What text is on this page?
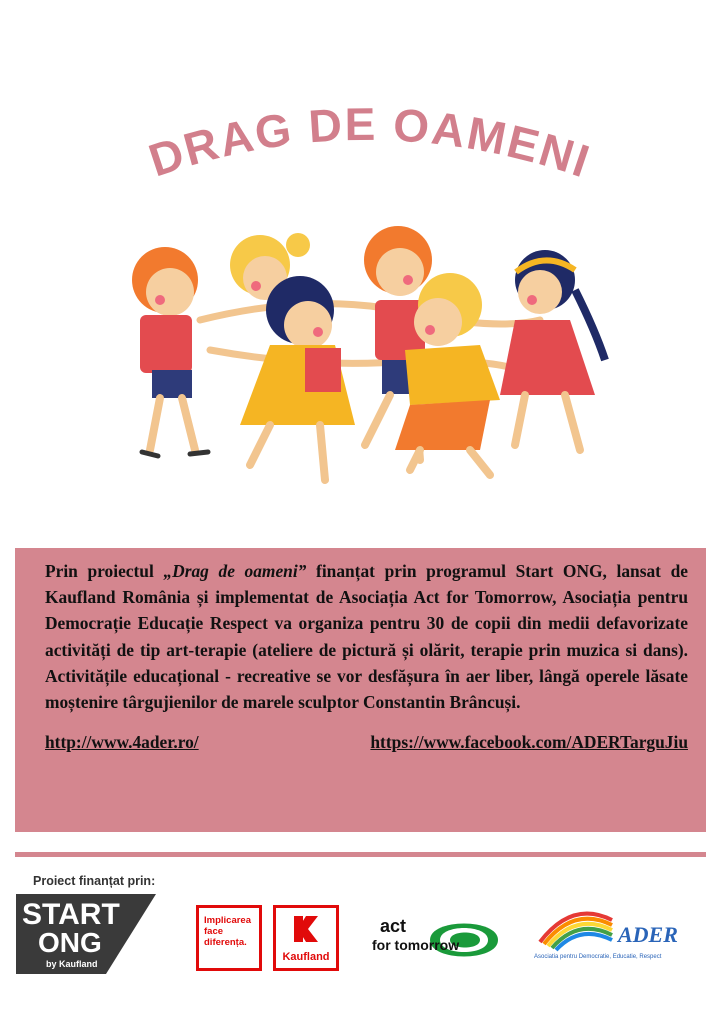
DRAG DE OAMENI

Prin proiectul „Drag de oameni” finanțat prin programul Start ONG, lansat de Kaufland România și implementat de Asociația Act for Tomorrow, Asociația pentru Democrație Educație Respect va organiza pentru 30 de copii din medii defavorizate activități de tip art-terapie (ateliere de pictură și olărit, terapie prin muzica si dans). Activitățile educațional - recreative se vor desfășura în aer liber, lângă operele lăsate moștenire târgujienilor de marele sculptor Constantin Brâncuși.

http://www.4ader.ro/	https://www.facebook.com/ADERTarguJiu
Proiect finanțat prin:
START
ONG
by Kaufland
Implicarea
face
diferența.
Kaufland
act
for tomorrow	ADER
Asociatia pentru Democratie, Educatie, Respect
